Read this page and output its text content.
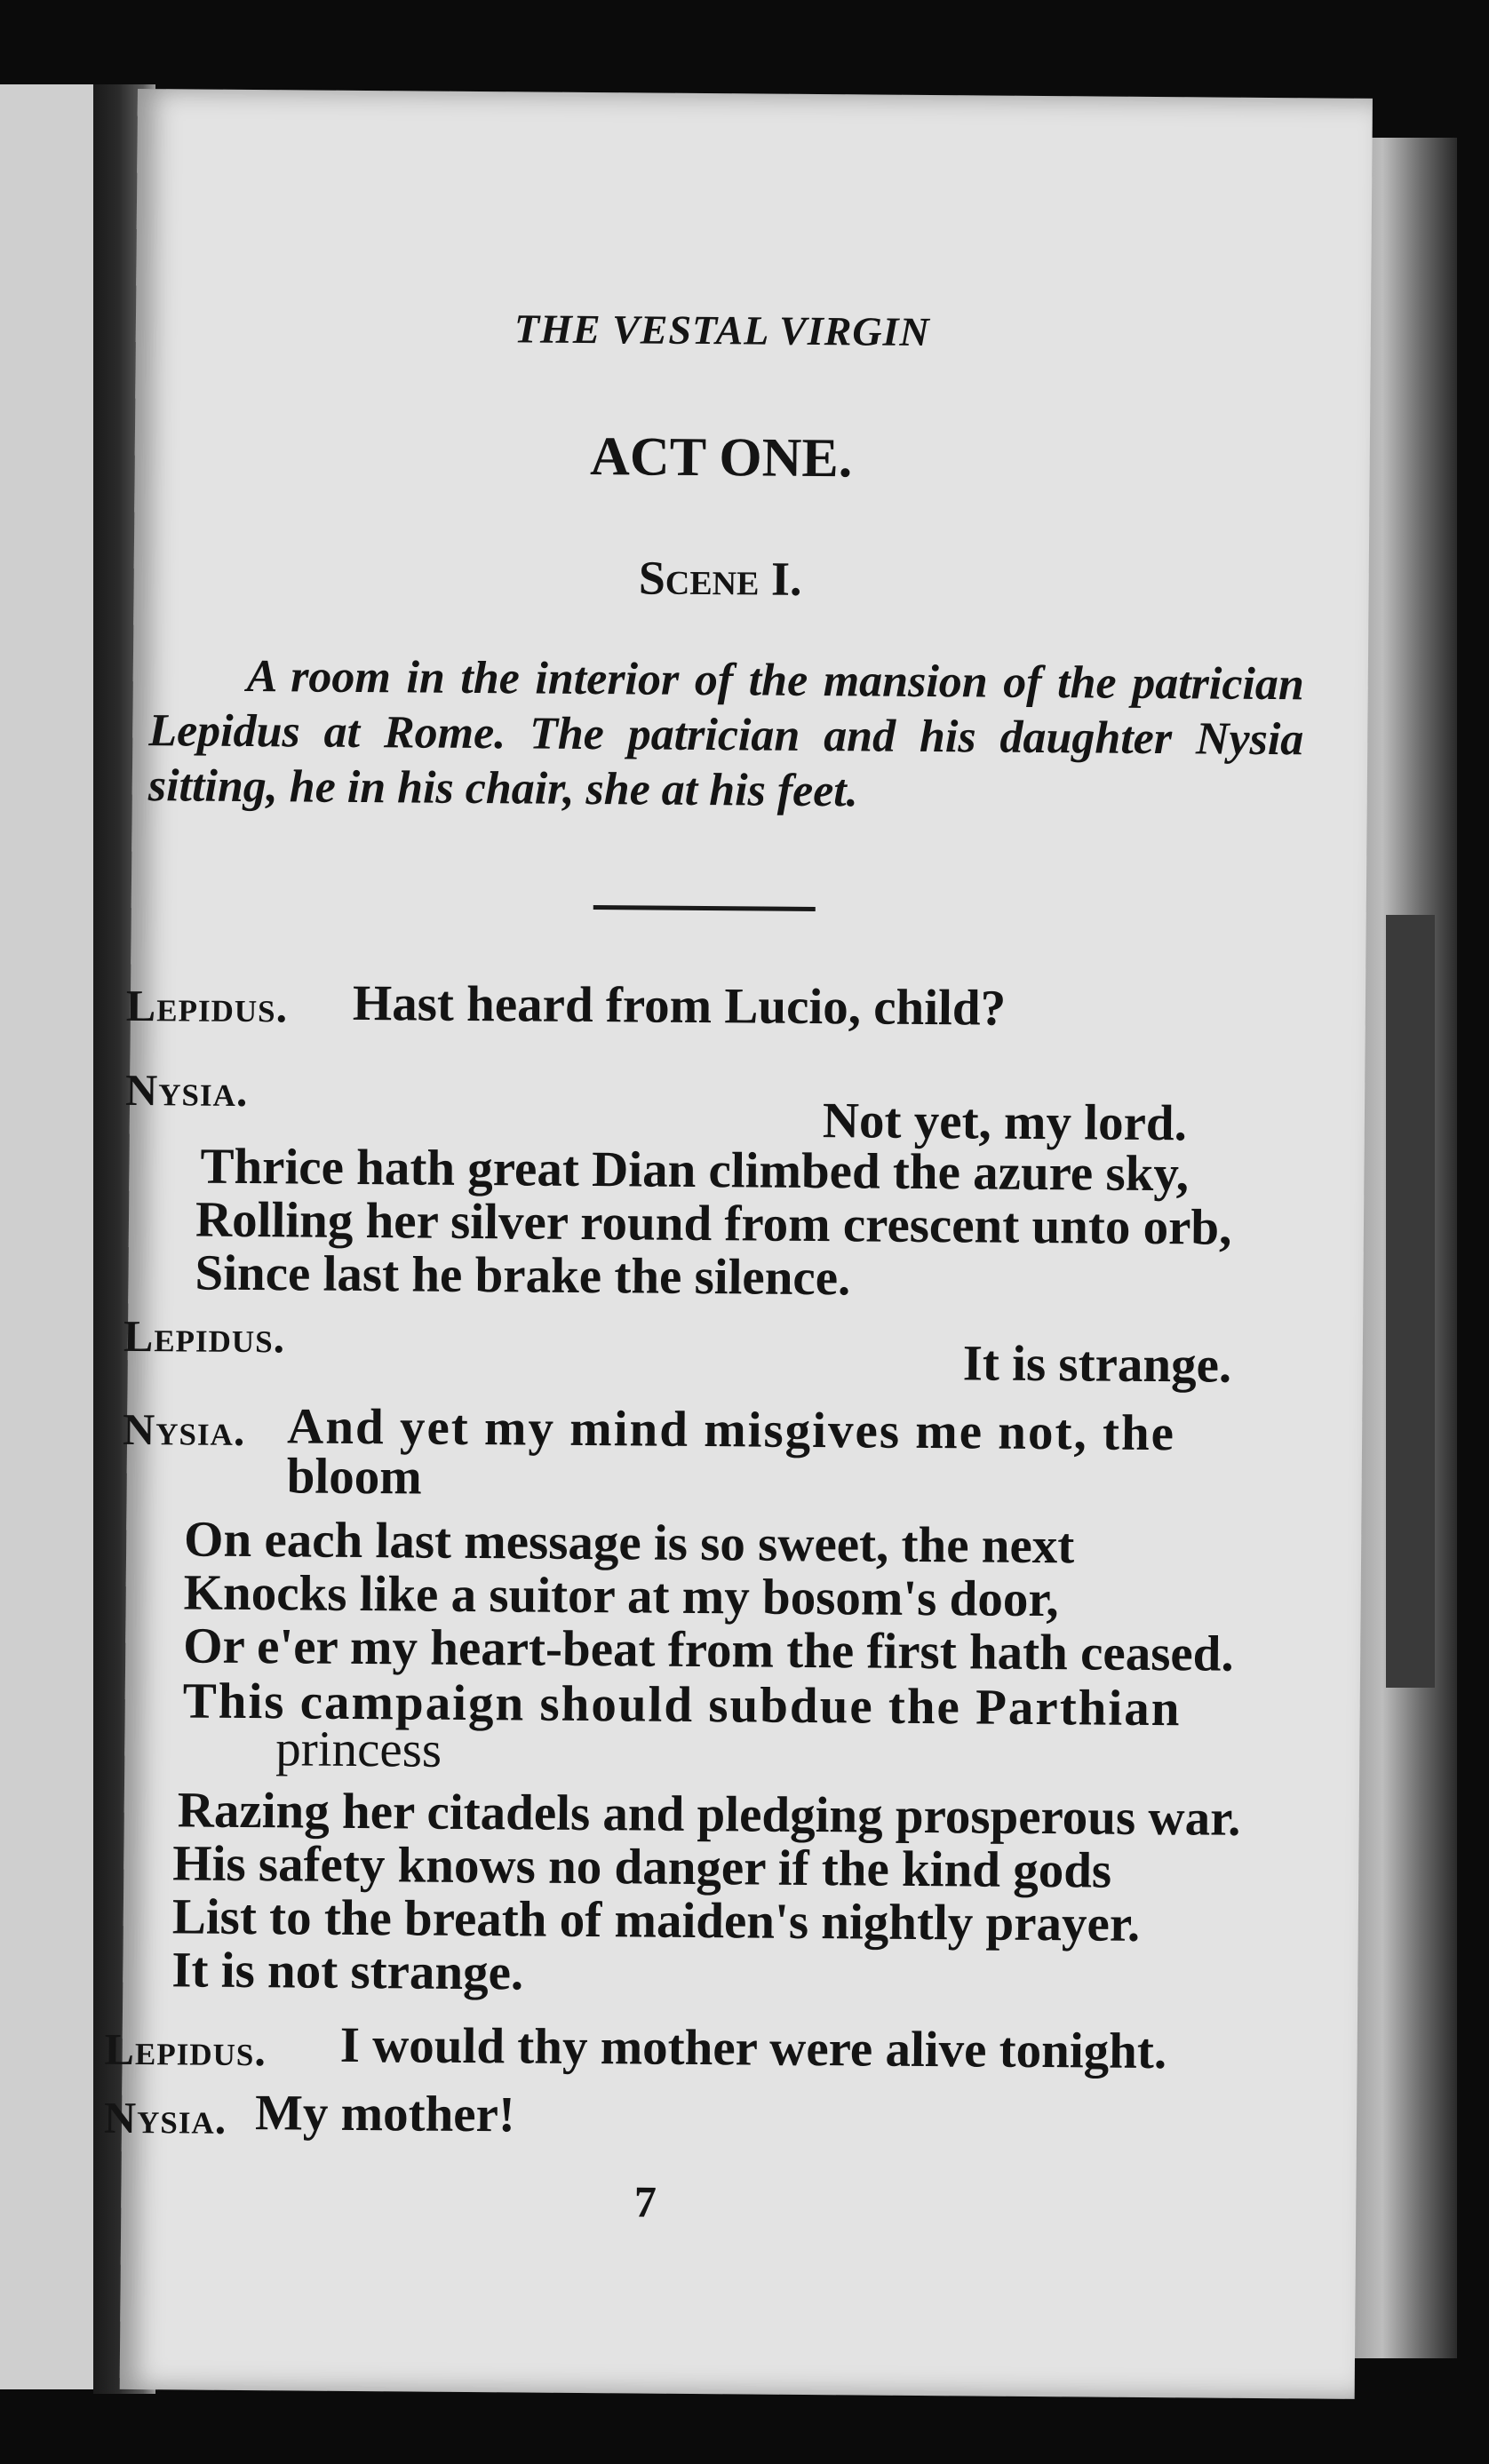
THE VESTAL VIRGIN
ACT ONE.
Scene I.
A room in the interior of the mansion of the patrician Lepidus at Rome. The patrician and his daughter Nysia sitting, he in his chair, she at his feet.
Lepidus. Hast heard from Lucio, child?
Nysia.
Not yet, my lord.
Thrice hath great Dian climbed the azure sky,
Rolling her silver round from crescent unto orb,
Since last he brake the silence.
Lepidus.	It is strange.
Nysia. And yet my mind misgives me not, the
bloom
On each last message is so sweet, the next
Knocks like a suitor at my bosom's door,
Or e'er my heart-beat from the first hath ceased.
This campaign should subdue the Parthian
princess
Razing her citadels and pledging prosperous war.
His safety knows no danger if the kind gods
List to the breath of maiden's nightly prayer.
It is not strange.
Lepidus. I would thy mother were alive tonight.
Nysia. My mother!
7
